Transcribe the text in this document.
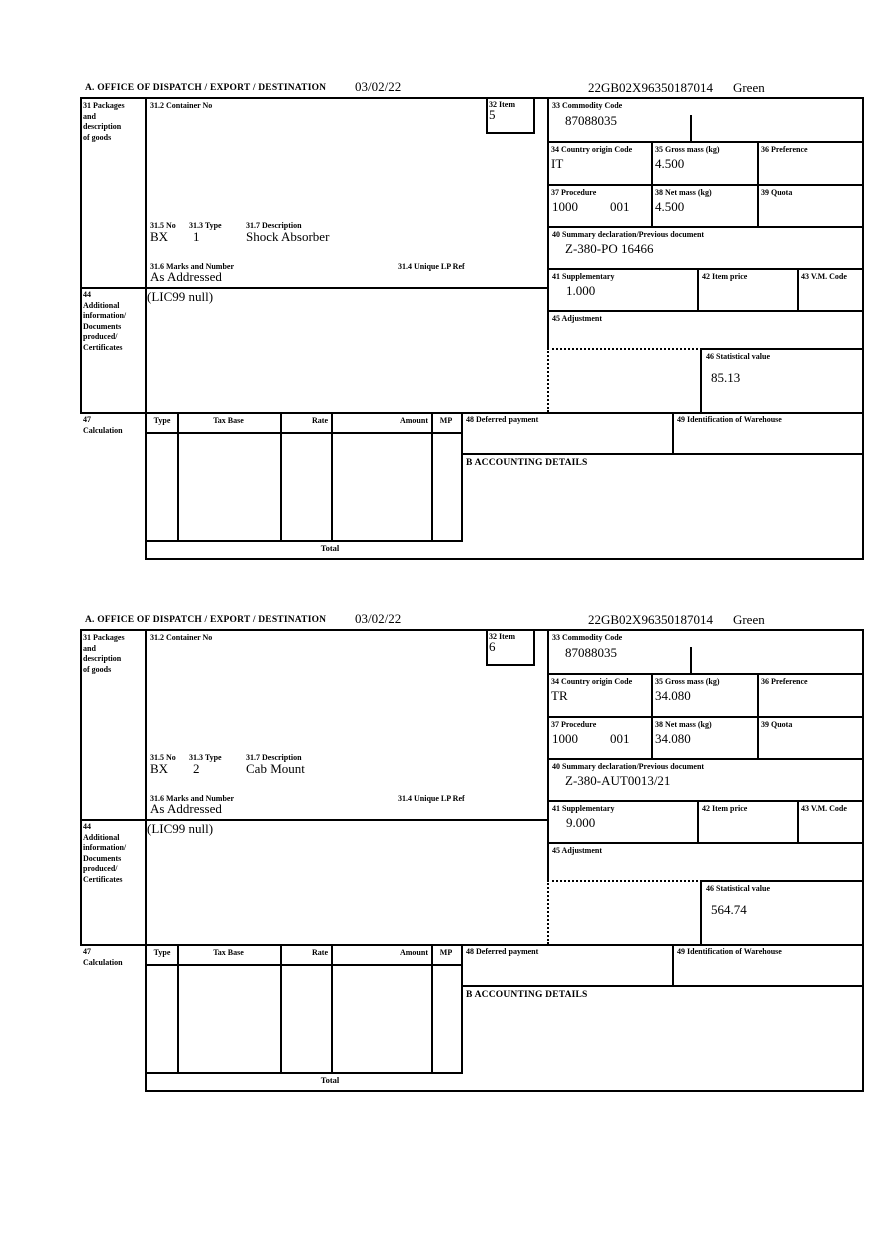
A. OFFICE OF DISPATCH / EXPORT / DESTINATION 03/02/22	22GB02X96350187014 Green
31 Packages
and
description
of goods
31.2 Container No	32 Item
5
33 Commodity Code
87088035
34 Country origin Code
IT
35 Gross mass (kg)
4.500
36 Preference
37 Procedure
1000 001
38 Net mass (kg)
4.500
39 Quota
40 Summary declaration/Previous document
Z-380-PO 16466
41 Supplementary
1.000
42 Item price	43 V.M. Code
45 Adjustment
46 Statistical value
85.13
31.5 No 31.3 Type	31.7 Description
BX 1	Shock Absorber
31.6 Marks and Number	31.4 Unique LP Ref
As Addressed
44
Additional
information/
Documents
produced/
Certificates
(LIC99 null)
47
Calculation
Type	Tax Base	Rate	Amount	MP	48 Deferred payment	49 Identification of Warehouse
B ACCOUNTING DETAILS
Total
A. OFFICE OF DISPATCH / EXPORT / DESTINATION 03/02/22	22GB02X96350187014 Green
31 Packages
and
description
of goods
31.2 Container No	32 Item
6
33 Commodity Code
87088035
34 Country origin Code
TR
35 Gross mass (kg)
34.080
36 Preference
37 Procedure
1000 001
38 Net mass (kg)
34.080
39 Quota
40 Summary declaration/Previous document
Z-380-AUT0013/21
41 Supplementary
9.000
42 Item price	43 V.M. Code
45 Adjustment
46 Statistical value
564.74
31.5 No 31.3 Type	31.7 Description
BX 2	Cab Mount
31.6 Marks and Number	31.4 Unique LP Ref
As Addressed
44
Additional
information/
Documents
produced/
Certificates
(LIC99 null)
47
Calculation
Type	Tax Base	Rate	Amount	MP	48 Deferred payment	49 Identification of Warehouse
B ACCOUNTING DETAILS
Total
